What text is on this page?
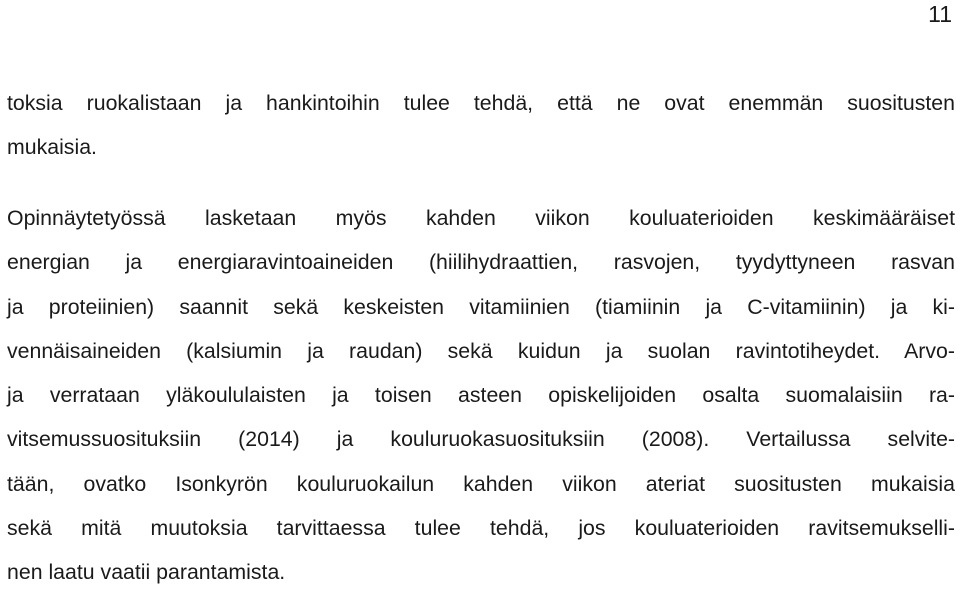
11
toksia ruokalistaan ja hankintoihin tulee tehdä, että ne ovat enemmän suositusten
mukaisia.
Opinnäytetyössä lasketaan myös kahden viikon kouluaterioiden keskimääräiset
energian ja energiaravintoaineiden (hiilihydraattien, rasvojen, tyydyttyneen rasvan
ja proteiinien) saannit sekä keskeisten vitamiinien (tiamiinin ja C-vitamiinin) ja ki-
vennäisaineiden (kalsiumin ja raudan) sekä kuidun ja suolan ravintotiheydet. Arvo-
ja verrataan yläkoululaisten ja toisen asteen opiskelijoiden osalta suomalaisiin ra-
vitsemussuosituksiin (2014) ja kouluruokasuosituksiin (2008). Vertailussa selvite-
tään, ovatko Isonkyrön kouluruokailun kahden viikon ateriat suositusten mukaisia
sekä mitä muutoksia tarvittaessa tulee tehdä, jos kouluaterioiden ravitsemukselli-
nen laatu vaatii parantamista.
